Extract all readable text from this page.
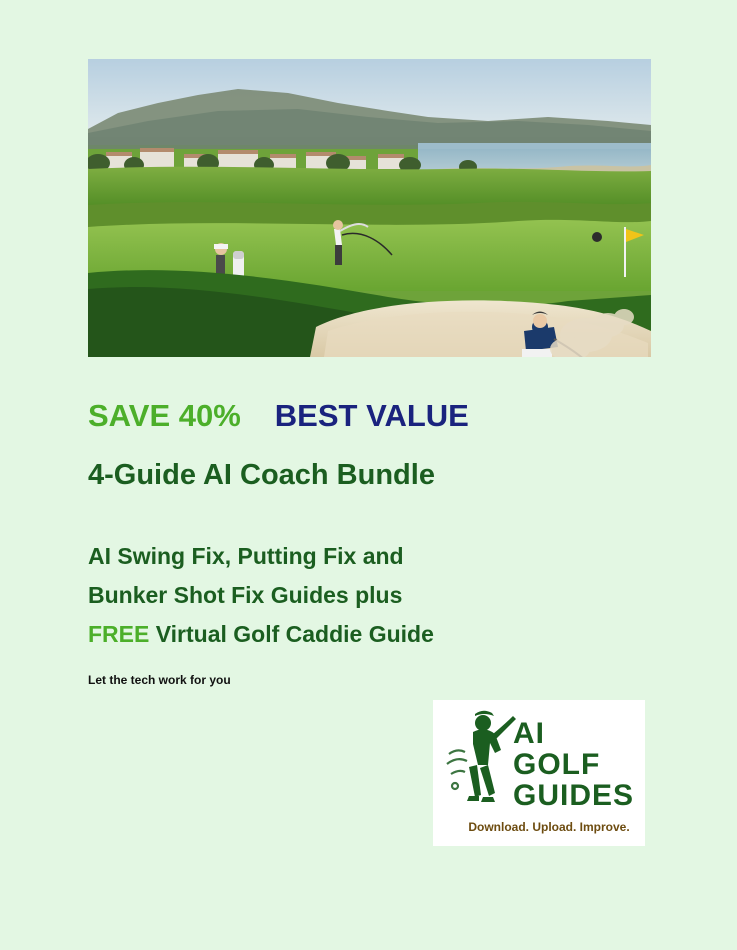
SAVE 40% BEST VALUE
4-Guide AI Coach Bundle
AI Swing Fix, Putting Fix and
Bunker Shot Fix Guides plus
FREE Virtual Golf Caddie Guide
Let the tech work for you
AI
GOLF
GUIDES
Download. Upload. Improve.
